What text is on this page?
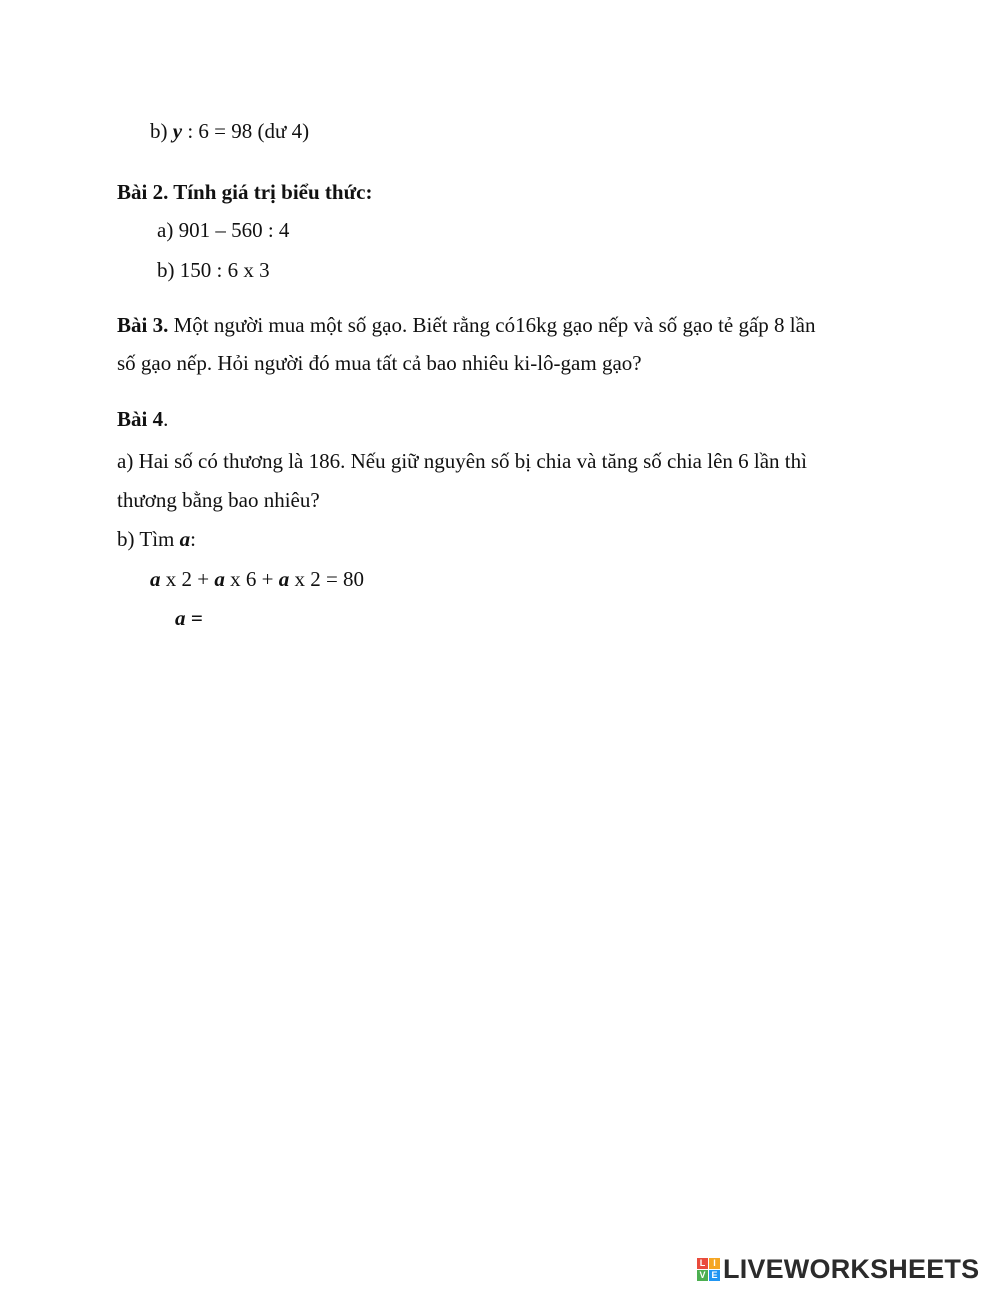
b) y : 6 = 98 (dư 4)
Bài 2. Tính giá trị biểu thức:
a) 901 – 560 : 4
b) 150 : 6 x 3
Bài 3. Một người mua một số gạo. Biết rằng có16kg gạo nếp và số gạo tẻ gấp 8 lần
số gạo nếp. Hỏi người đó mua tất cả bao nhiêu ki-lô-gam gạo?
Bài 4.
a) Hai số có thương là 186. Nếu giữ nguyên số bị chia và tăng số chia lên 6 lần thì
thương bằng bao nhiêu?
b) Tìm a:
a x 2 + a x 6 + a x 2 = 80
a =
L I
V E LIVEWORKSHEETS
